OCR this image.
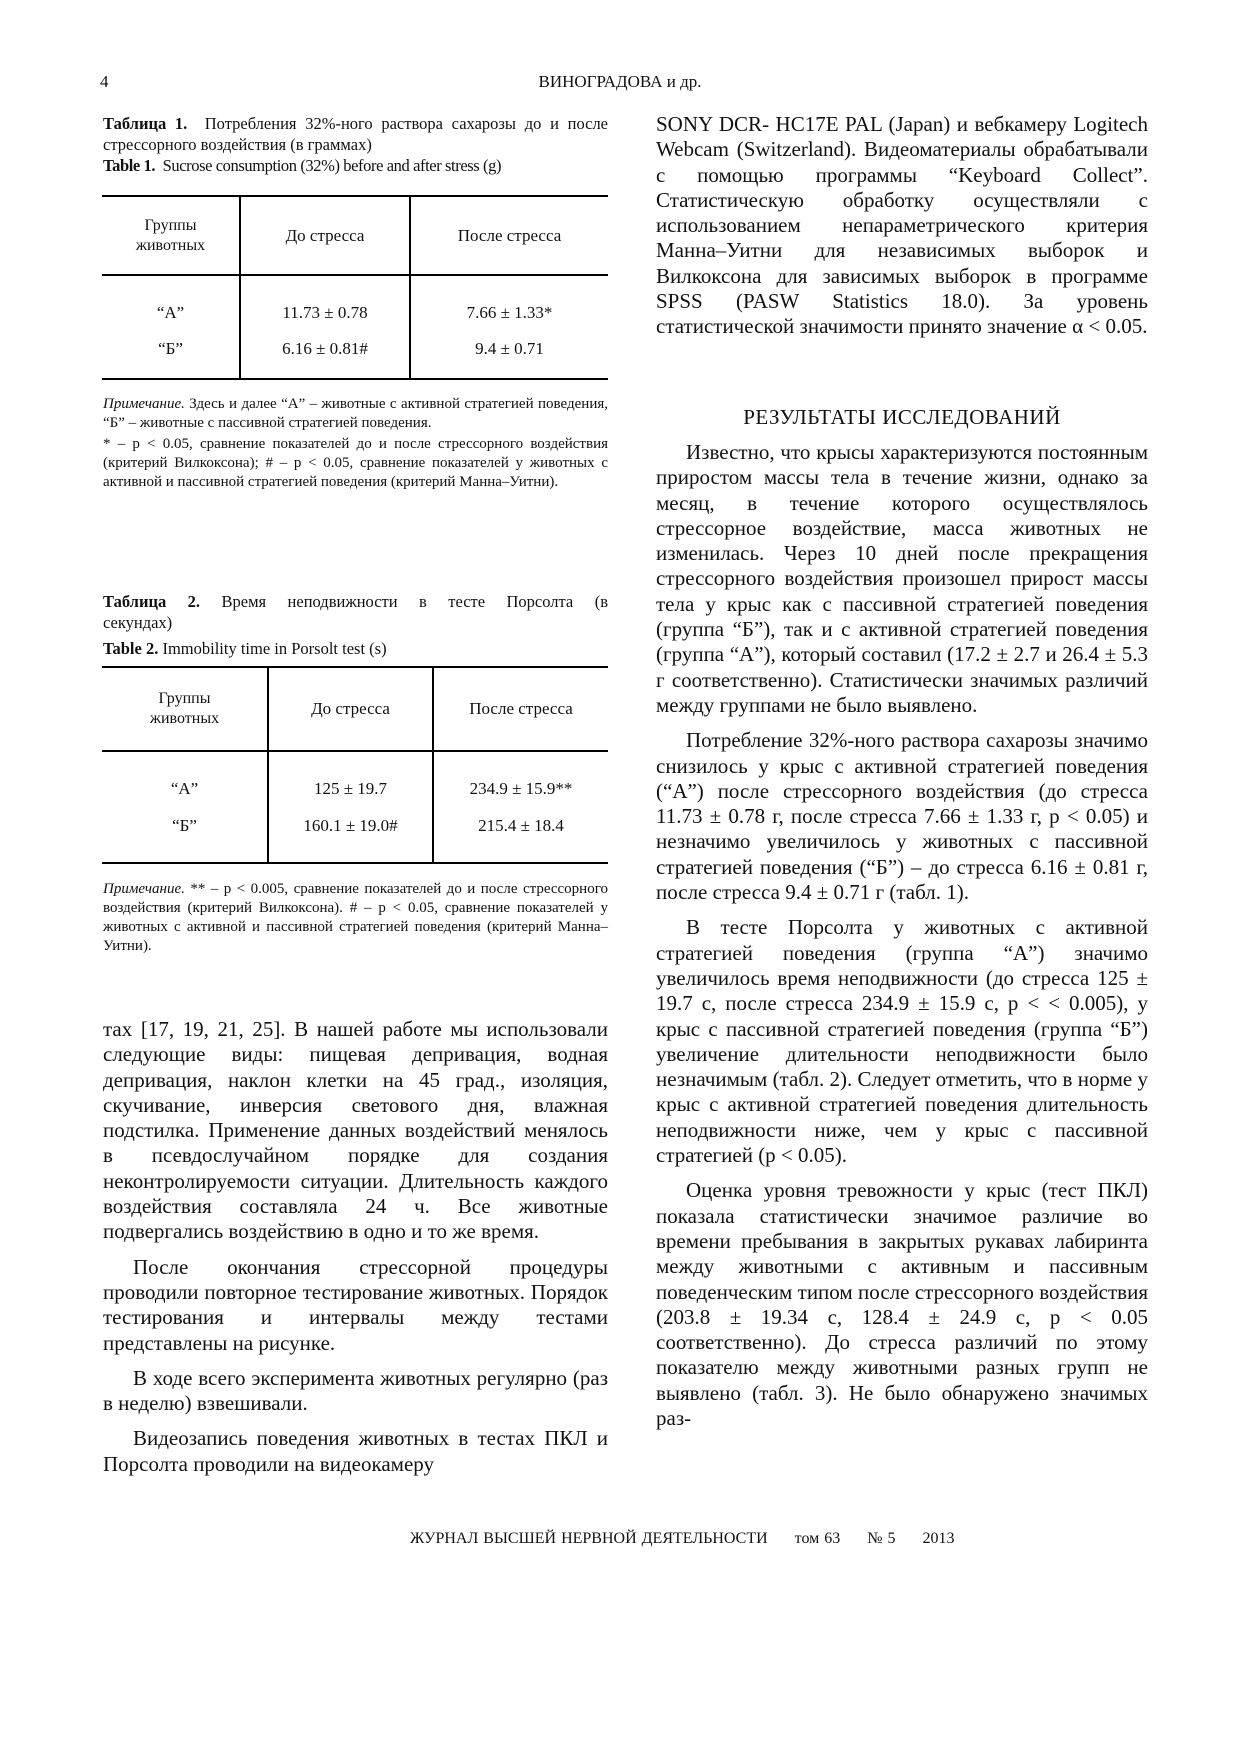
4	ВИНОГРАДОВА и др.
Таблица 1. Потребления 32%-ного раствора сахарозы до и после стрессорного воздействия (в граммах)
Table 1. Sucrose consumption (32%) before and after stress (g)
Группы животных	До стресса	После стресса
“А”	11.73 ± 0.78	7.66 ± 1.33*
“Б”	6.16 ± 0.81#	9.4 ± 0.71

Примечание. Здесь и далее “А” – животные с активной стратегией поведения, “Б” – животные с пассивной стратегией поведения.

* – p < 0.05, сравнение показателей до и после стрессорного воздействия (критерий Вилкоксона); # – p < 0.05, сравнение показателей у животных с активной и пассивной стратегией поведения (критерий Манна–Уитни).

Таблица 2. Время неподвижности в тесте Порсолта (в секундах)
Table 2. Immobility time in Porsolt test (s)
Группы животных	До стресса	После стресса
“А”	125 ± 19.7	234.9 ± 15.9**
“Б”	160.1 ± 19.0#	215.4 ± 18.4

Примечание. ** – p < 0.005, сравнение показателей до и после стрессорного воздействия (критерий Вилкоксона). # – p < 0.05, сравнение показателей у животных с активной и пассивной стратегией поведения (критерий Манна–Уитни).

тах [17, 19, 21, 25]. В нашей работе мы использовали следующие виды: пищевая депривация, водная депривация, наклон клетки на 45 град., изоляция, скучивание, инверсия светового дня, влажная подстилка. Применение данных воздействий менялось в псевдослучайном порядке для создания неконтролируемости ситуации. Длительность каждого воздействия составляла 24 ч. Все животные подвергались воздействию в одно и то же время.

После окончания стрессорной процедуры проводили повторное тестирование животных. Порядок тестирования и интервалы между тестами представлены на рисунке.

В ходе всего эксперимента животных регулярно (раз в неделю) взвешивали.

Видеозапись поведения животных в тестах ПКЛ и Порсолта проводили на видеокамеру

SONY DCR- HC17E PAL (Japan) и вебкамеру Logitech Webcam (Switzerland). Видеоматериалы обрабатывали с помощью программы “Keyboard Collect”. Статистическую обработку осуществляли с использованием непараметрического критерия Манна–Уитни для независимых выборок и Вилкоксона для зависимых выборок в программе SPSS (PASW Statistics 18.0). За уровень статистической значимости принято значение α < 0.05.

РЕЗУЛЬТАТЫ ИССЛЕДОВАНИЙ

Известно, что крысы характеризуются постоянным приростом массы тела в течение жизни, однако за месяц, в течение которого осуществлялось стрессорное воздействие, масса животных не изменилась. Через 10 дней после прекращения стрессорного воздействия произошел прирост массы тела у крыс как с пассивной стратегией поведения (группа “Б”), так и с активной стратегией поведения (группа “А”), который составил (17.2 ± 2.7 и 26.4 ± 5.3 г соответственно). Статистически значимых различий между группами не было выявлено.

Потребление 32%-ного раствора сахарозы значимо снизилось у крыс с активной стратегией поведения (“А”) после стрессорного воздействия (до стресса 11.73 ± 0.78 г, после стресса 7.66 ± 1.33 г, p < 0.05) и незначимо увеличилось у животных с пассивной стратегией поведения (“Б”) – до стресса 6.16 ± 0.81 г, после стресса 9.4 ± 0.71 г (табл. 1).

В тесте Порсолта у животных с активной стратегией поведения (группа “А”) значимо увеличилось время неподвижности (до стресса 125 ± 19.7 с, после стресса 234.9 ± 15.9 с, p < < 0.005), у крыс с пассивной стратегией поведения (группа “Б”) увеличение длительности неподвижности было незначимым (табл. 2). Следует отметить, что в норме у крыс с активной стратегией поведения длительность неподвижности ниже, чем у крыс с пассивной стратегией (p < 0.05).

Оценка уровня тревожности у крыс (тест ПКЛ) показала статистически значимое различие во времени пребывания в закрытых рукавах лабиринта между животными с активным и пассивным поведенческим типом после стрессорного воздействия (203.8 ± 19.34 с, 128.4 ± 24.9 с, p < 0.05 соответственно). До стресса различий по этому показателю между животными разных групп не выявлено (табл. 3). Не было обнаружено значимых раз-

ЖУРНАЛ ВЫСШЕЙ НЕРВНОЙ ДЕЯТЕЛЬНОСТИ том 63 № 5 2013
